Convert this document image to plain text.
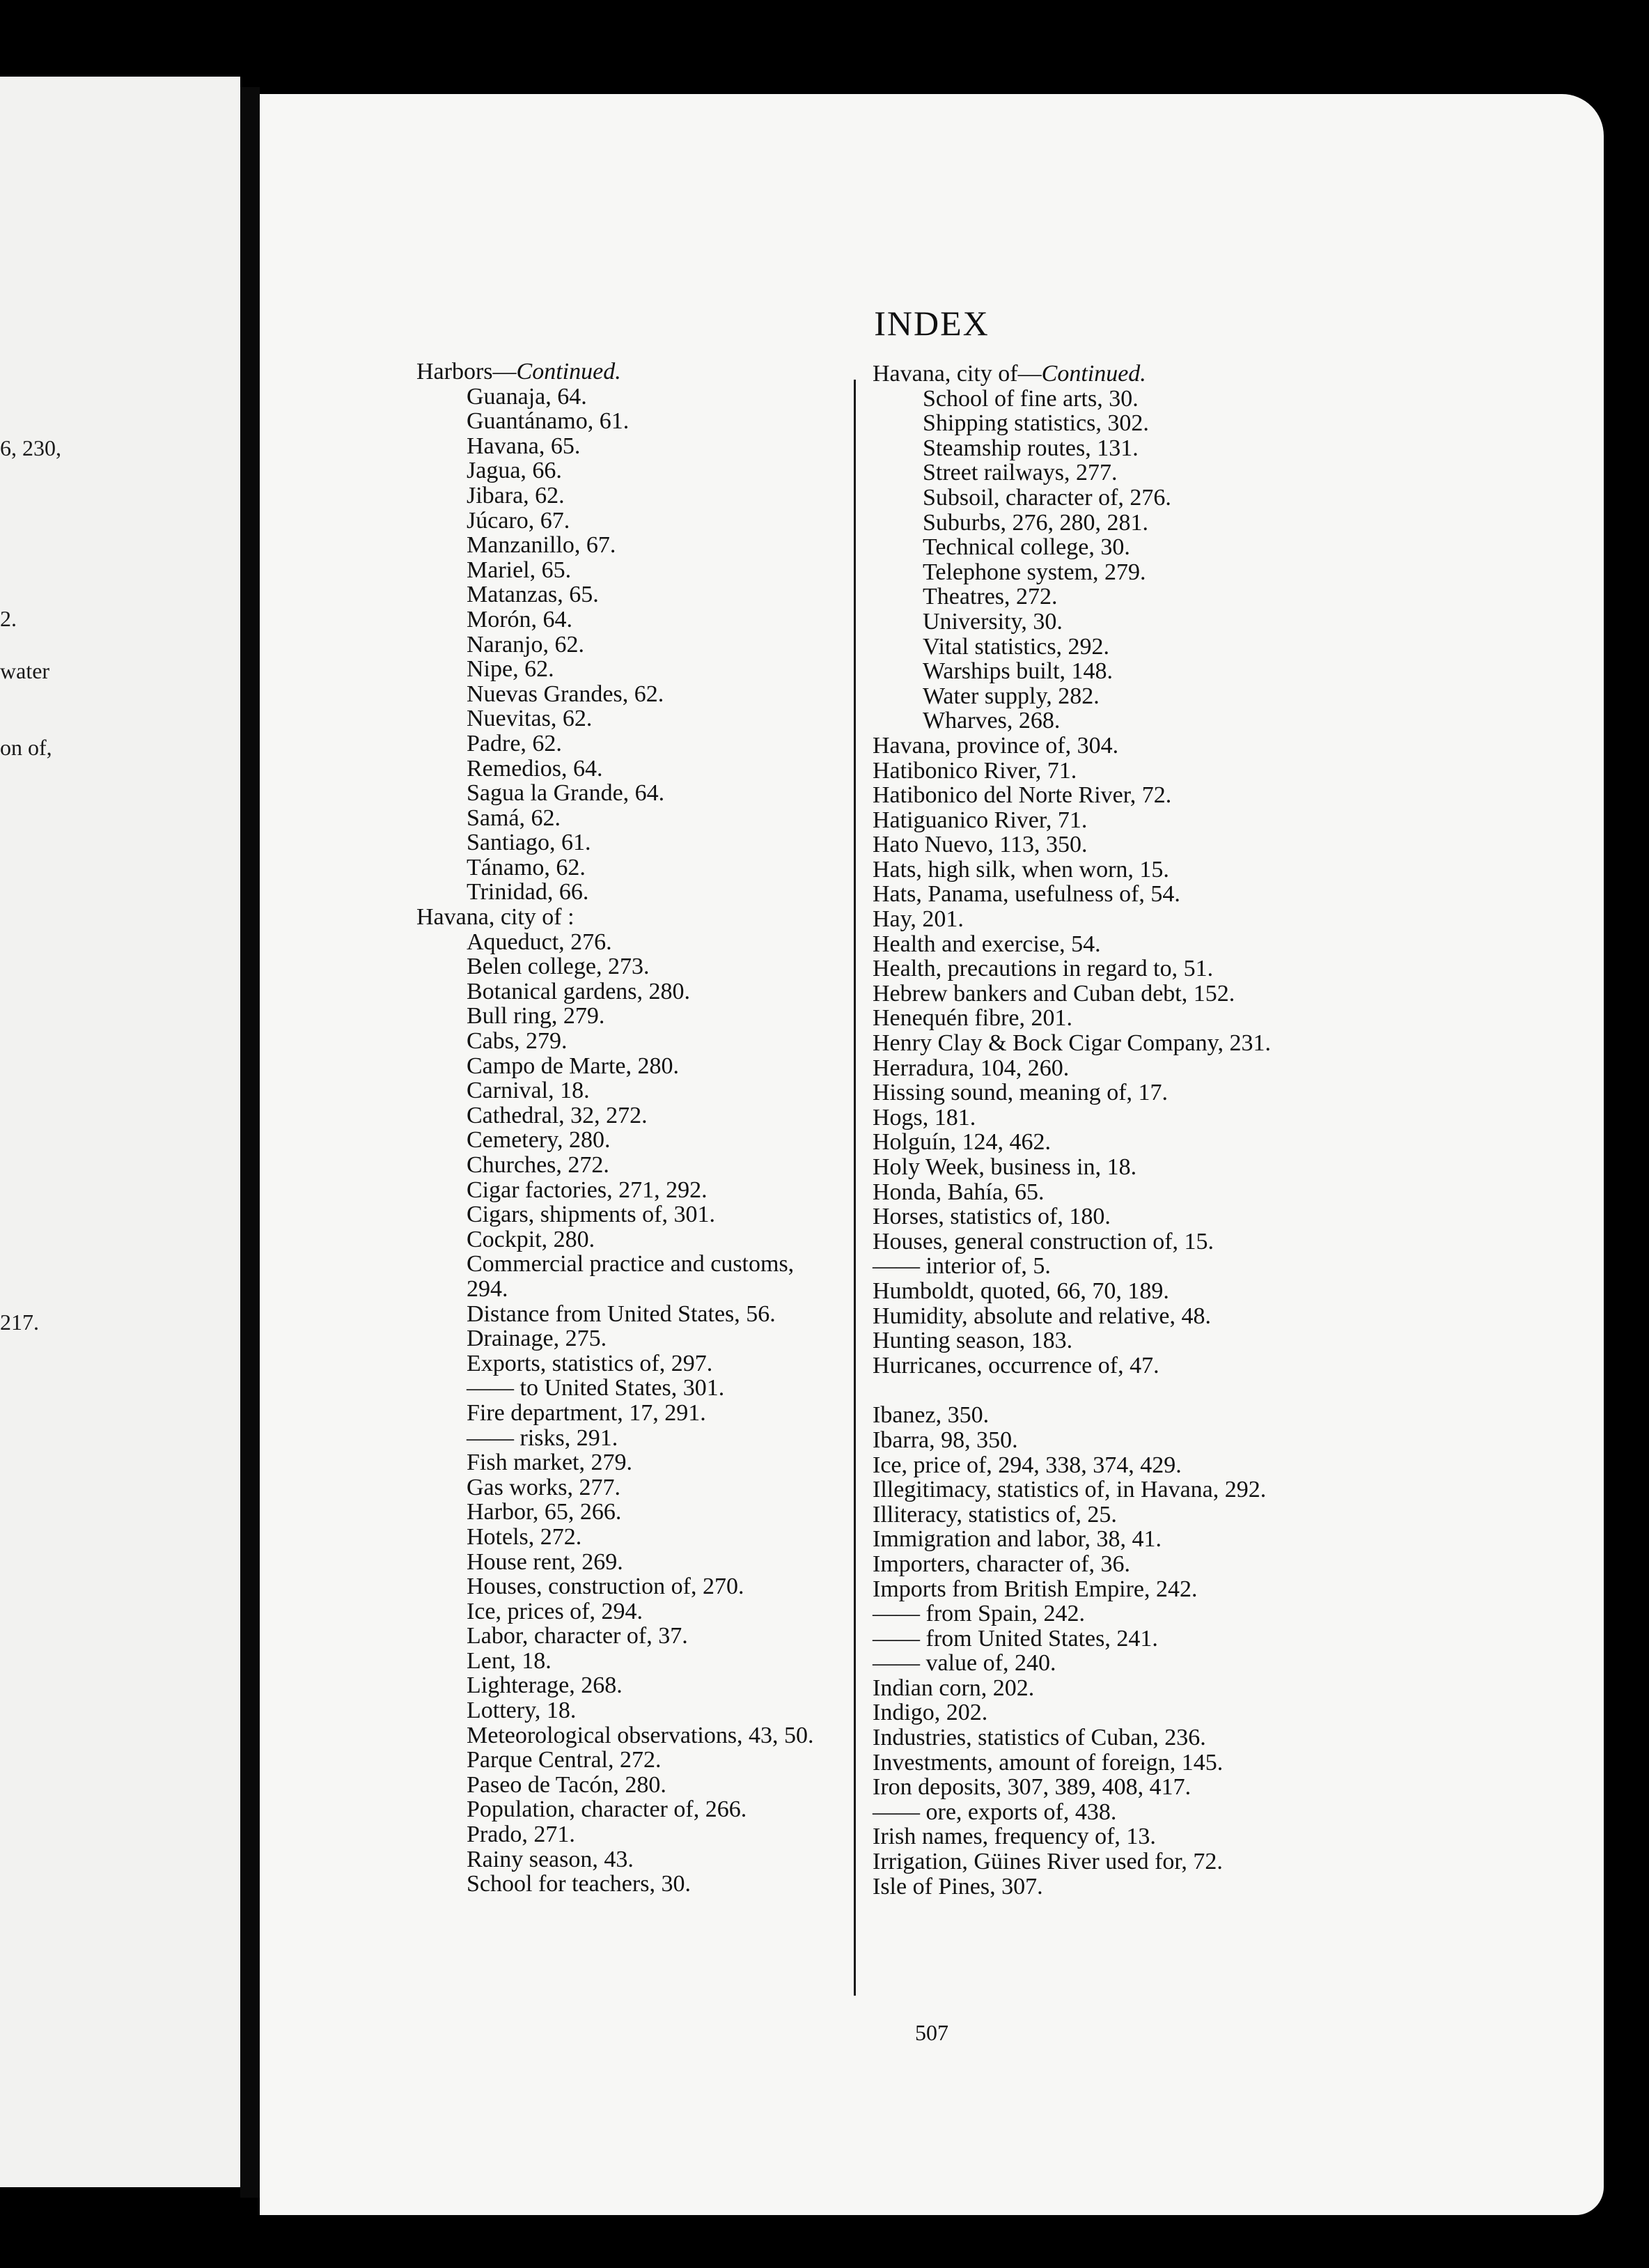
6, 230,
2.
water
on of,
217.
INDEX
Harbors—Continued.
Guanaja, 64.
Guantánamo, 61.
Havana, 65.
Jagua, 66.
Jibara, 62.
Júcaro, 67.
Manzanillo, 67.
Mariel, 65.
Matanzas, 65.
Morón, 64.
Naranjo, 62.
Nipe, 62.
Nuevas Grandes, 62.
Nuevitas, 62.
Padre, 62.
Remedios, 64.
Sagua la Grande, 64.
Samá, 62.
Santiago, 61.
Tánamo, 62.
Trinidad, 66.
Havana, city of :
Aqueduct, 276.
Belen college, 273.
Botanical gardens, 280.
Bull ring, 279.
Cabs, 279.
Campo de Marte, 280.
Carnival, 18.
Cathedral, 32, 272.
Cemetery, 280.
Churches, 272.
Cigar factories, 271, 292.
Cigars, shipments of, 301.
Cockpit, 280.
Commercial practice and customs,
294.
Distance from United States, 56.
Drainage, 275.
Exports, statistics of, 297.
—— to United States, 301.
Fire department, 17, 291.
—— risks, 291.
Fish market, 279.
Gas works, 277.
Harbor, 65, 266.
Hotels, 272.
House rent, 269.
Houses, construction of, 270.
Ice, prices of, 294.
Labor, character of, 37.
Lent, 18.
Lighterage, 268.
Lottery, 18.
Meteorological observations, 43, 50.
Parque Central, 272.
Paseo de Tacón, 280.
Population, character of, 266.
Prado, 271.
Rainy season, 43.
School for teachers, 30.
Havana, city of—Continued.
School of fine arts, 30.
Shipping statistics, 302.
Steamship routes, 131.
Street railways, 277.
Subsoil, character of, 276.
Suburbs, 276, 280, 281.
Technical college, 30.
Telephone system, 279.
Theatres, 272.
University, 30.
Vital statistics, 292.
Warships built, 148.
Water supply, 282.
Wharves, 268.
Havana, province of, 304.
Hatibonico River, 71.
Hatibonico del Norte River, 72.
Hatiguanico River, 71.
Hato Nuevo, 113, 350.
Hats, high silk, when worn, 15.
Hats, Panama, usefulness of, 54.
Hay, 201.
Health and exercise, 54.
Health, precautions in regard to, 51.
Hebrew bankers and Cuban debt, 152.
Henequén fibre, 201.
Henry Clay & Bock Cigar Company, 231.
Herradura, 104, 260.
Hissing sound, meaning of, 17.
Hogs, 181.
Holguín, 124, 462.
Holy Week, business in, 18.
Honda, Bahía, 65.
Horses, statistics of, 180.
Houses, general construction of, 15.
—— interior of, 5.
Humboldt, quoted, 66, 70, 189.
Humidity, absolute and relative, 48.
Hunting season, 183.
Hurricanes, occurrence of, 47.
Ibanez, 350.
Ibarra, 98, 350.
Ice, price of, 294, 338, 374, 429.
Illegitimacy, statistics of, in Havana, 292.
Illiteracy, statistics of, 25.
Immigration and labor, 38, 41.
Importers, character of, 36.
Imports from British Empire, 242.
—— from Spain, 242.
—— from United States, 241.
—— value of, 240.
Indian corn, 202.
Indigo, 202.
Industries, statistics of Cuban, 236.
Investments, amount of foreign, 145.
Iron deposits, 307, 389, 408, 417.
—— ore, exports of, 438.
Irish names, frequency of, 13.
Irrigation, Güines River used for, 72.
Isle of Pines, 307.
507
